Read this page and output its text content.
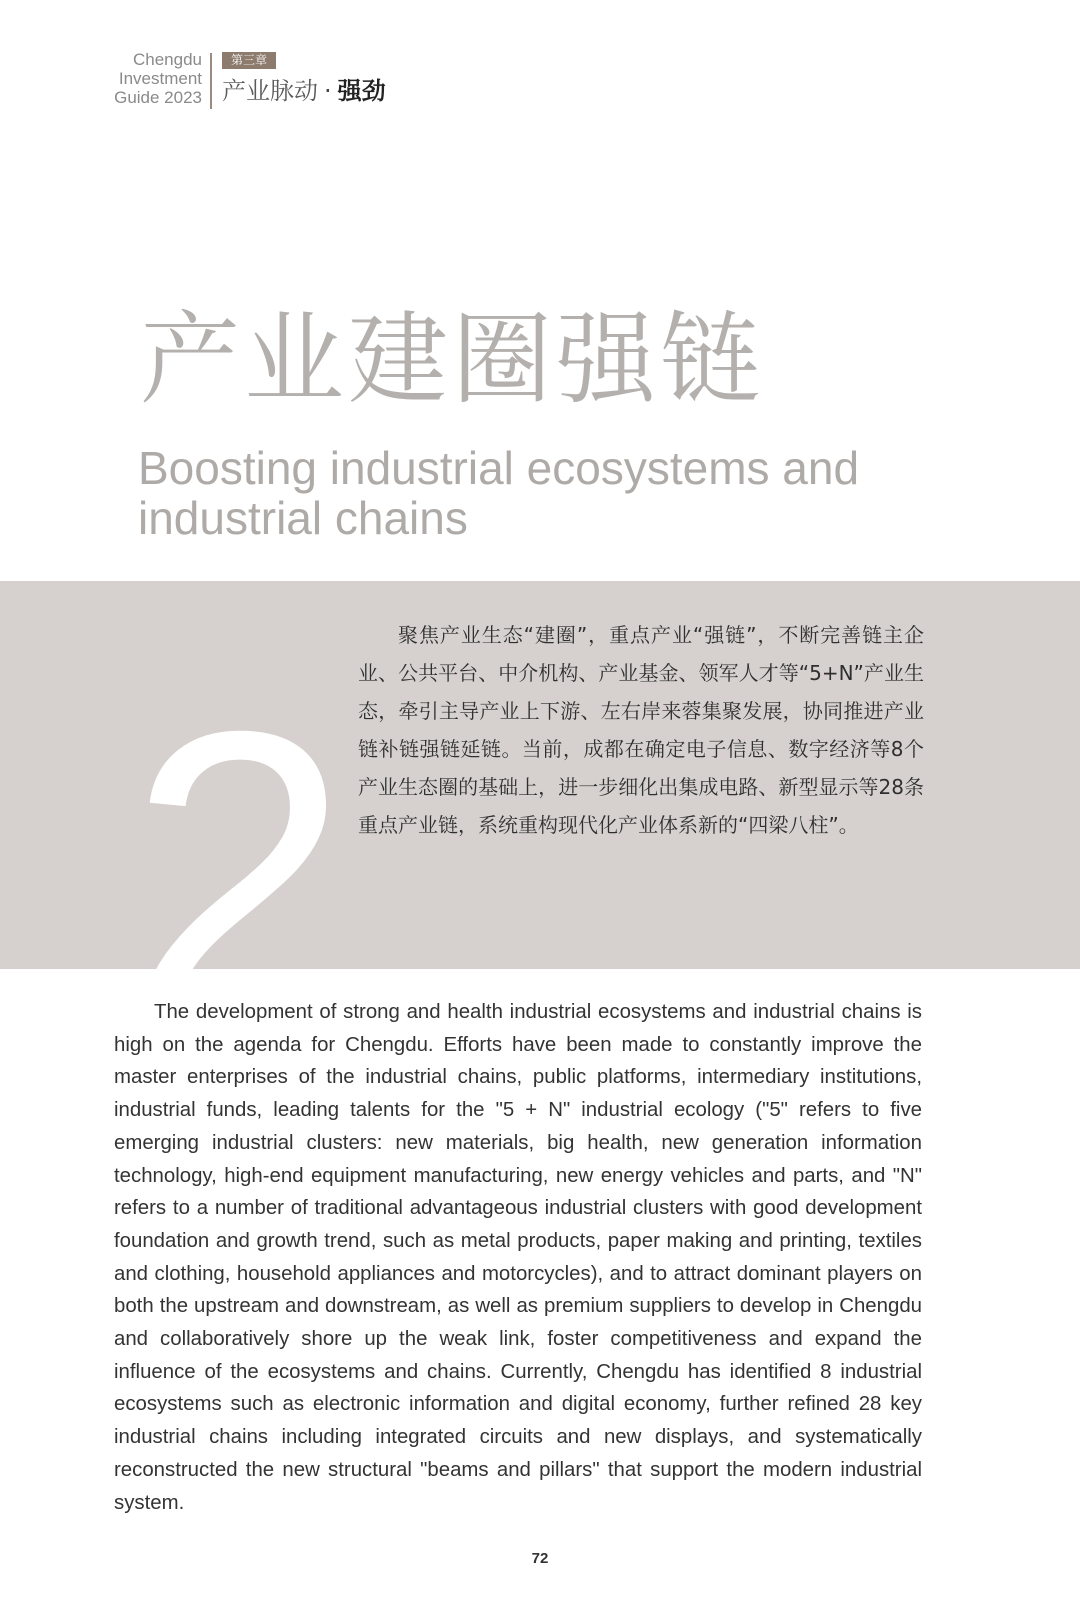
Chengdu
Investment
Guide 2023
第三章
产业脉动 · 强劲
产业建圈强链
Boosting industrial ecosystems and industrial chains
2
聚焦产业生态“建圈”，重点产业“强链”，不断完善链主企业、公共平台、中介机构、产业基金、领军人才等“5+N”产业生态，牵引主导产业上下游、左右岸来蓉集聚发展，协同推进产业链补链强链延链。当前，成都在确定电子信息、数字经济等8个产业生态圈的基础上，进一步细化出集成电路、新型显示等28条重点产业链，系统重构现代化产业体系新的“四梁八柱”。

The development of strong and health industrial ecosystems and industrial chains is high on the agenda for Chengdu. Efforts have been made to constantly improve the master enterprises of the industrial chains, public platforms, intermediary institutions, industrial funds, leading talents for the "5 + N" industrial ecology ("5" refers to five emerging industrial clusters: new materials, big health, new generation information technology, high-end equipment manufacturing, new energy vehicles and parts, and "N" refers to a number of traditional advantageous industrial clusters with good development foundation and growth trend, such as metal products, paper making and printing, textiles and clothing, household appliances and motorcycles), and to attract dominant players on both the upstream and downstream, as well as premium suppliers to develop in Chengdu and collaboratively shore up the weak link, foster competitiveness and expand the influence of the ecosystems and chains. Currently, Chengdu has identified 8 industrial ecosystems such as electronic information and digital economy, further refined 28 key industrial chains including integrated circuits and new displays, and systematically reconstructed the new structural "beams and pillars" that support the modern industrial system.

72
